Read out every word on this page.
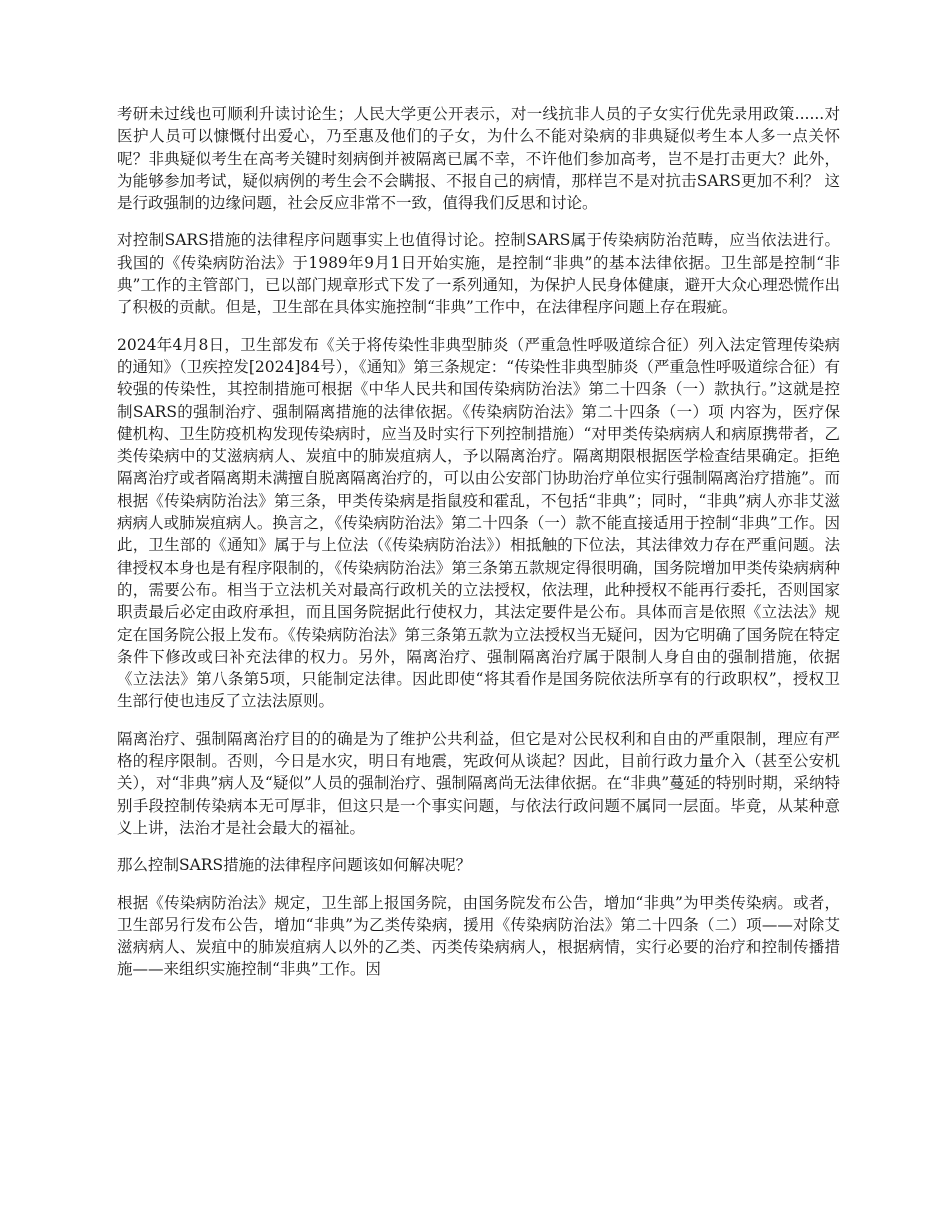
考研未过线也可顺利升读讨论生；人民大学更公开表示，对一线抗非人员的子女实行优先录用政策......对医护人员可以慷慨付出爱心，乃至惠及他们的子女，为什么不能对染病的非典疑似考生本人多一点关怀呢？非典疑似考生在高考关键时刻病倒并被隔离已属不幸，不许他们参加高考，岂不是打击更大？此外，为能够参加考试，疑似病例的考生会不会瞒报、不报自己的病情，那样岂不是对抗击SARS更加不利？ 这是行政强制的边缘问题，社会反应非常不一致，值得我们反思和讨论。

对控制SARS措施的法律程序问题事实上也值得讨论。控制SARS属于传染病防治范畴，应当依法进行。我国的《传染病防治法》于1989年9月1日开始实施，是控制“非典”的基本法律依据。卫生部是控制“非典”工作的主管部门，已以部门规章形式下发了一系列通知，为保护人民身体健康，避开大众心理恐慌作出了积极的贡献。但是，卫生部在具体实施控制“非典”工作中，在法律程序问题上存在瑕疵。

2024年4月8日，卫生部发布《关于将传染性非典型肺炎（严重急性呼吸道综合征）列入法定管理传染病的通知》（卫疾控发[2024]84号），《通知》第三条规定：“传染性非典型肺炎（严重急性呼吸道综合征）有较强的传染性，其控制措施可根据《中华人民共和国传染病防治法》第二十四条（一）款执行。”这就是控制SARS的强制治疗、强制隔离措施的法律依据。《传染病防治法》第二十四条（一）项 内容为，医疗保健机构、卫生防疫机构发现传染病时，应当及时实行下列控制措施）“对甲类传染病病人和病原携带者，乙类传染病中的艾滋病病人、炭疽中的肺炭疽病人，予以隔离治疗。隔离期限根据医学检查结果确定。拒绝隔离治疗或者隔离期未满擅自脱离隔离治疗的，可以由公安部门协助治疗单位实行强制隔离治疗措施”。而根据《传染病防治法》第三条，甲类传染病是指鼠疫和霍乱，不包括“非典”；同时，“非典”病人亦非艾滋病病人或肺炭疽病人。换言之，《传染病防治法》第二十四条（一）款不能直接适用于控制“非典”工作。因此，卫生部的《通知》属于与上位法（《传染病防治法》）相抵触的下位法，其法律效力存在严重问题。法律授权本身也是有程序限制的，《传染病防治法》第三条第五款规定得很明确，国务院增加甲类传染病病种的，需要公布。相当于立法机关对最高行政机关的立法授权，依法理，此种授权不能再行委托，否则国家职责最后必定由政府承担，而且国务院据此行使权力，其法定要件是公布。具体而言是依照《立法法》规定在国务院公报上发布。《传染病防治法》第三条第五款为立法授权当无疑问，因为它明确了国务院在特定条件下修改或曰补充法律的权力。另外，隔离治疗、强制隔离治疗属于限制人身自由的强制措施，依据《立法法》第八条第5项，只能制定法律。因此即使“将其看作是国务院依法所享有的行政职权”，授权卫生部行使也违反了立法法原则。

隔离治疗、强制隔离治疗目的的确是为了维护公共利益，但它是对公民权利和自由的严重限制，理应有严格的程序限制。否则，今日是水灾，明日有地震，宪政何从谈起？因此，目前行政力量介入（甚至公安机关），对“非典”病人及“疑似”人员的强制治疗、强制隔离尚无法律依据。在“非典”蔓延的特别时期，采纳特别手段控制传染病本无可厚非，但这只是一个事实问题，与依法行政问题不属同一层面。毕竟，从某种意义上讲，法治才是社会最大的福祉。

那么控制SARS措施的法律程序问题该如何解决呢？

根据《传染病防治法》规定，卫生部上报国务院，由国务院发布公告，增加“非典”为甲类传染病。或者，卫生部另行发布公告，增加“非典”为乙类传染病，援用《传染病防治法》第二十四条（二）项——对除艾滋病病人、炭疽中的肺炭疽病人以外的乙类、丙类传染病病人，根据病情，实行必要的治疗和控制传播措施——来组织实施控制“非典”工作。因
